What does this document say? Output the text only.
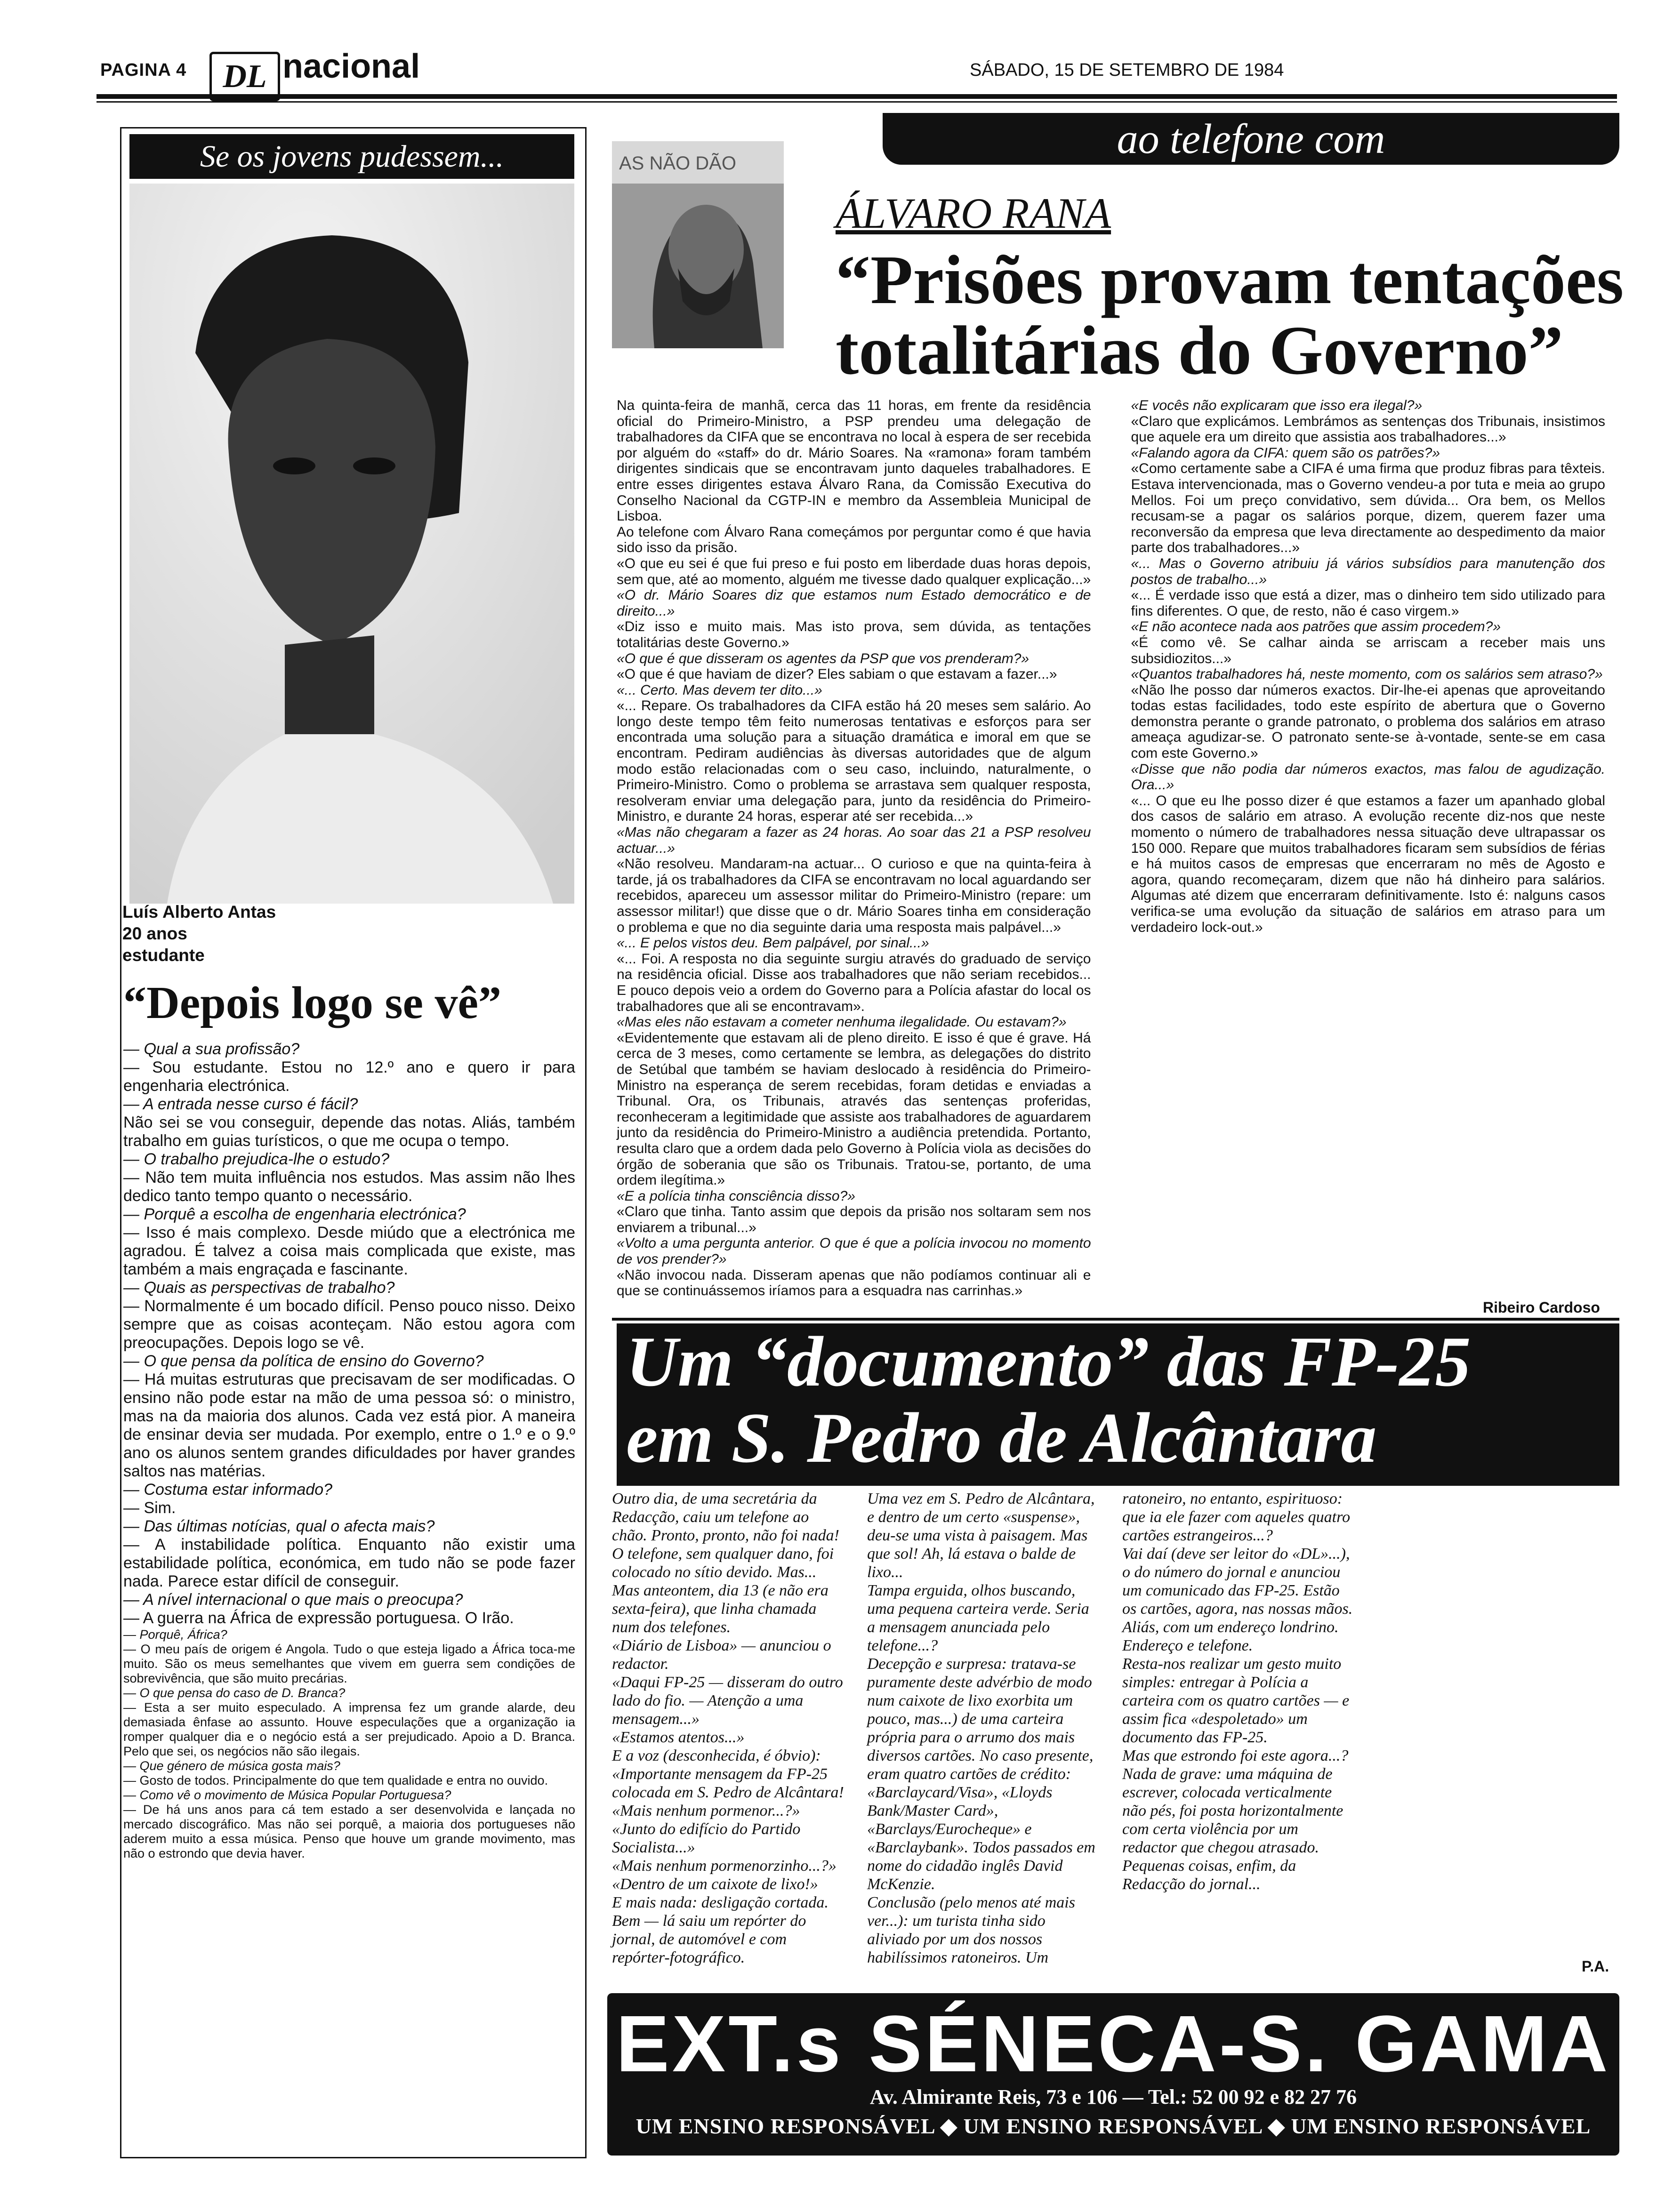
PAGINA 4	DL nacional	SÁBADO, 15 DE SETEMBRO DE 1984
Se os jovens pudessem...
Luís Alberto Antas
20 anos
estudante
“Depois logo se vê”

— Qual a sua profissão?

— Sou estudante. Estou no 12.º ano e quero ir para engenharia electrónica.

— A entrada nesse curso é fácil?

Não sei se vou conseguir, depende das notas. Aliás, também trabalho em guias turísticos, o que me ocupa o tempo.

— O trabalho prejudica-lhe o estudo?

— Não tem muita influência nos estudos. Mas assim não lhes dedico tanto tempo quanto o necessário.

— Porquê a escolha de engenharia electrónica?

— Isso é mais complexo. Desde miúdo que a electrónica me agradou. É talvez a coisa mais complicada que existe, mas também a mais engraçada e fascinante.

— Quais as perspectivas de trabalho?

— Normalmente é um bocado difícil. Penso pouco nisso. Deixo sempre que as coisas aconteçam. Não estou agora com preocupações. Depois logo se vê.

— O que pensa da política de ensino do Governo?

— Há muitas estruturas que precisavam de ser modificadas. O ensino não pode estar na mão de uma pessoa só: o ministro, mas na da maioria dos alunos. Cada vez está pior. A maneira de ensinar devia ser mudada. Por exemplo, entre o 1.º e o 9.º ano os alunos sentem grandes dificuldades por haver grandes saltos nas matérias.

— Costuma estar informado?

— Sim.

— Das últimas notícias, qual o afecta mais?

— A instabilidade política. Enquanto não existir uma estabilidade política, económica, em tudo não se pode fazer nada. Parece estar difícil de conseguir.

— A nível internacional o que mais o preocupa?

— A guerra na África de expressão portuguesa. O Irão.

— Porquê, África?

— O meu país de origem é Angola. Tudo o que esteja ligado a África toca-me muito. São os meus semelhantes que vivem em guerra sem condições de sobrevivência, que são muito precárias.

— O que pensa do caso de D. Branca?

— Esta a ser muito especulado. A imprensa fez um grande alarde, deu demasiada ênfase ao assunto. Houve especulações que a organização ia romper qualquer dia e o negócio está a ser prejudicado. Apoio a D. Branca. Pelo que sei, os negócios não são ilegais.

— Que género de música gosta mais?

— Gosto de todos. Principalmente do que tem qualidade e entra no ouvido.

— Como vê o movimento de Música Popular Portuguesa?

— De há uns anos para cá tem estado a ser desenvolvida e lançada no mercado discográfico. Mas não sei porquê, a maioria dos portugueses não aderem muito a essa música. Penso que houve um grande movimento, mas não o estrondo que devia haver.

ao telefone com
AS NÃO DÃO
ÁLVARO RANA
“Prisões provam tentações
totalitárias do Governo”

Na quinta-feira de manhã, cerca das 11 horas, em frente da residência oficial do Primeiro-Ministro, a PSP prendeu uma delegação de trabalhadores da CIFA que se encontrava no local à espera de ser recebida por alguém do «staff» do dr. Mário Soares. Na «ramona» foram também dirigentes sindicais que se encontravam junto daqueles trabalhadores. E entre esses dirigentes estava Álvaro Rana, da Comissão Executiva do Conselho Nacional da CGTP-IN e membro da Assembleia Municipal de Lisboa.

Ao telefone com Álvaro Rana começámos por perguntar como é que havia sido isso da prisão.

«O que eu sei é que fui preso e fui posto em liberdade duas horas depois, sem que, até ao momento, alguém me tivesse dado qualquer explicação...»

«O dr. Mário Soares diz que estamos num Estado democrático e de direito...»

«Diz isso e muito mais. Mas isto prova, sem dúvida, as tentações totalitárias deste Governo.»

«O que é que disseram os agentes da PSP que vos prenderam?»

«O que é que haviam de dizer? Eles sabiam o que estavam a fazer...»

«... Certo. Mas devem ter dito...»

«... Repare. Os trabalhadores da CIFA estão há 20 meses sem salário. Ao longo deste tempo têm feito numerosas tentativas e esforços para ser encontrada uma solução para a situação dramática e imoral em que se encontram. Pediram audiências às diversas autoridades que de algum modo estão relacionadas com o seu caso, incluindo, naturalmente, o Primeiro-Ministro. Como o problema se arrastava sem qualquer resposta, resolveram enviar uma delegação para, junto da residência do Primeiro-Ministro, e durante 24 horas, esperar até ser recebida...»

«Mas não chegaram a fazer as 24 horas. Ao soar das 21 a PSP resolveu actuar...»

«Não resolveu. Mandaram-na actuar... O curioso e que na quinta-feira à tarde, já os trabalhadores da CIFA se encontravam no local aguardando ser recebidos, apareceu um assessor militar do Primeiro-Ministro (repare: um assessor militar!) que disse que o dr. Mário Soares tinha em consideração o problema e que no dia seguinte daria uma resposta mais palpável...»

«... E pelos vistos deu. Bem palpável, por sinal...»

«... Foi. A resposta no dia seguinte surgiu através do graduado de serviço na residência oficial. Disse aos trabalhadores que não seriam recebidos... E pouco depois veio a ordem do Governo para a Polícia afastar do local os trabalhadores que ali se encontravam».

«Mas eles não estavam a cometer nenhuma ilegalidade. Ou estavam?»

«Evidentemente que estavam ali de pleno direito. E isso é que é grave. Há cerca de 3 meses, como certamente se lembra, as delegações do distrito de Setúbal que também se haviam deslocado à residência do Primeiro-Ministro na esperança de serem recebidas, foram detidas e enviadas a Tribunal. Ora, os Tribunais, através das sentenças proferidas, reconheceram a legitimidade que assiste aos trabalhadores de aguardarem junto da residência do Primeiro-Ministro a audiência pretendida. Portanto, resulta claro que a ordem dada pelo Governo à Polícia viola as decisões do órgão de soberania que são os Tribunais. Tratou-se, portanto, de uma ordem ilegítima.»

«E a polícia tinha consciência disso?»

«Claro que tinha. Tanto assim que depois da prisão nos soltaram sem nos enviarem a tribunal...»

«Volto a uma pergunta anterior. O que é que a polícia invocou no momento de vos prender?»

«Não invocou nada. Disseram apenas que não podíamos continuar ali e que se continuássemos iríamos para a esquadra nas carrinhas.»

«E vocês não explicaram que isso era ilegal?»

«Claro que explicámos. Lembrámos as sentenças dos Tribunais, insistimos que aquele era um direito que assistia aos trabalhadores...»

«Falando agora da CIFA: quem são os patrões?»

«Como certamente sabe a CIFA é uma firma que produz fibras para têxteis. Estava intervencionada, mas o Governo vendeu-a por tuta e meia ao grupo Mellos. Foi um preço convidativo, sem dúvida... Ora bem, os Mellos recusam-se a pagar os salários porque, dizem, querem fazer uma reconversão da empresa que leva directamente ao despedimento da maior parte dos trabalhadores...»

«... Mas o Governo atribuiu já vários subsídios para manutenção dos postos de trabalho...»

«... É verdade isso que está a dizer, mas o dinheiro tem sido utilizado para fins diferentes. O que, de resto, não é caso virgem.»

«E não acontece nada aos patrões que assim procedem?»

«É como vê. Se calhar ainda se arriscam a receber mais uns subsidiozitos...»

«Quantos trabalhadores há, neste momento, com os salários sem atraso?»

«Não lhe posso dar números exactos. Dir-lhe-ei apenas que aproveitando todas estas facilidades, todo este espírito de abertura que o Governo demonstra perante o grande patronato, o problema dos salários em atraso ameaça agudizar-se. O patronato sente-se à-vontade, sente-se em casa com este Governo.»

«Disse que não podia dar números exactos, mas falou de agudização. Ora...»

«... O que eu lhe posso dizer é que estamos a fazer um apanhado global dos casos de salário em atraso. A evolução recente diz-nos que neste momento o número de trabalhadores nessa situação deve ultrapassar os 150 000. Repare que muitos trabalhadores ficaram sem subsídios de férias e há muitos casos de empresas que encerraram no mês de Agosto e agora, quando recomeçaram, dizem que não há dinheiro para salários. Algumas até dizem que encerraram definitivamente. Isto é: nalguns casos verifica-se uma evolução da situação de salários em atraso para um verdadeiro lock-out.»

Ribeiro Cardoso
Um “documento” das FP-25
em S. Pedro de Alcântara

Outro dia, de uma secretária da Redacção, caiu um telefone ao chão. Pronto, pronto, não foi nada! O telefone, sem qualquer dano, foi colocado no sítio devido. Mas...

Mas anteontem, dia 13 (e não era sexta-feira), que linha chamada num dos telefones.

«Diário de Lisboa» — anunciou o redactor.

«Daqui FP-25 — disseram do outro lado do fio. — Atenção a uma mensagem...»

«Estamos atentos...»

E a voz (desconhecida, é óbvio):

«Importante mensagem da FP-25 colocada em S. Pedro de Alcântara! «Mais nenhum pormenor...?»

«Junto do edifício do Partido Socialista...»

«Mais nenhum pormenorzinho...?»

«Dentro de um caixote de lixo!»

E mais nada: desligação cortada.

Bem — lá saiu um repórter do jornal, de automóvel e com repórter-fotográfico.

Uma vez em S. Pedro de Alcântara, e dentro de um certo «suspense», deu-se uma vista à paisagem. Mas que sol! Ah, lá estava o balde de lixo...

Tampa erguida, olhos buscando, uma pequena carteira verde. Seria a mensagem anunciada pelo telefone...?

Decepção e surpresa: tratava-se puramente deste advérbio de modo num caixote de lixo exorbita um pouco, mas...) de uma carteira própria para o arrumo dos mais diversos cartões. No caso presente, eram quatro cartões de crédito: «Barclaycard/Visa», «Lloyds Bank/Master Card», «Barclays/Eurocheque» e «Barclaybank». Todos passados em nome do cidadão inglês David McKenzie.

Conclusão (pelo menos até mais ver...): um turista tinha sido aliviado por um dos nossos habilíssimos ratoneiros. Um ratoneiro, no entanto, espirituoso: que ia ele fazer com aqueles quatro cartões estrangeiros...?

Vai daí (deve ser leitor do «DL»...), o do número do jornal e anunciou um comunicado das FP-25. Estão os cartões, agora, nas nossas mãos. Aliás, com um endereço londrino. Endereço e telefone.

Resta-nos realizar um gesto muito simples: entregar à Polícia a carteira com os quatro cartões — e assim fica «despoletado» um documento das FP-25.

Mas que estrondo foi este agora...? Nada de grave: uma máquina de escrever, colocada verticalmente não pés, foi posta horizontalmente com certa violência por um redactor que chegou atrasado. Pequenas coisas, enfim, da Redacção do jornal...

P.A.
EXT.s SÉNECA-S. GAMA
Av. Almirante Reis, 73 e 106 — Tel.: 52 00 92 e 82 27 76
UM ENSINO RESPONSÁVEL ◆ UM ENSINO RESPONSÁVEL ◆ UM ENSINO RESPONSÁVEL
